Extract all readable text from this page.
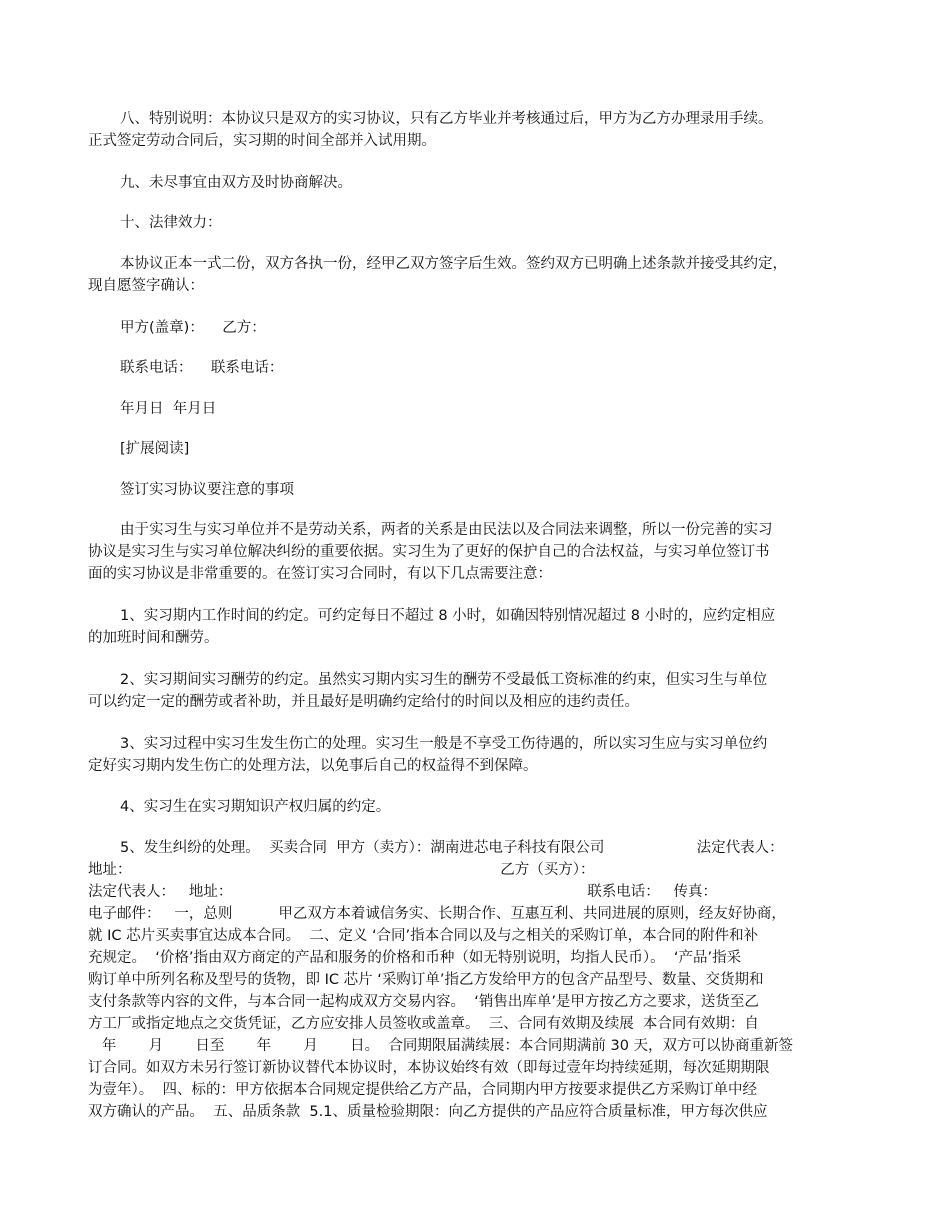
八、特别说明：本协议只是双方的实习协议，只有乙方毕业并考核通过后，甲方为乙方办理录用手续。
正式签定劳动合同后，实习期的时间全部并入试用期。
九、未尽事宜由双方及时协商解决。
十、法律效力：
本协议正本一式二份，双方各执一份，经甲乙双方签字后生效。签约双方已明确上述条款并接受其约定，
现自愿签字确认：
甲方(盖章)：    乙方：
联系电话：    联系电话：
年月日  年月日
[扩展阅读]
签订实习协议要注意的事项
由于实习生与实习单位并不是劳动关系，两者的关系是由民法以及合同法来调整，所以一份完善的实习
协议是实习生与实习单位解决纠纷的重要依据。实习生为了更好的保护自己的合法权益，与实习单位签订书
面的实习协议是非常重要的。在签订实习合同时，有以下几点需要注意：
1、实习期内工作时间的约定。可约定每日不超过 8 小时，如确因特别情况超过 8 小时的，应约定相应
的加班时间和酬劳。
2、实习期间实习酬劳的约定。虽然实习期内实习生的酬劳不受最低工资标准的约束，但实习生与单位
可以约定一定的酬劳或者补助，并且最好是明确约定给付的时间以及相应的违约责任。
3、实习过程中实习生发生伤亡的处理。实习生一般是不享受工伤待遇的，所以实习生应与实习单位约
定好实习期内发生伤亡的处理方法，以免事后自己的权益得不到保障。
4、实习生在实习期知识产权归属的约定。
5、发生纠纷的处理。  买卖合同  甲方（卖方）：湖南进芯电子科技有限公司                    法定代表人：
地址：                                                                                乙方（买方）：
法定代表人：   地址：                                                                             联系电话：   传真：
电子邮件：   一，总则          甲乙双方本着诚信务实、长期合作、互惠互利、共同进展的原则，经友好协商，
就 IC 芯片买卖事宜达成本合同。  二、定义 ‘合同’指本合同以及与之相关的采购订单，本合同的附件和补
充规定。  ‘价格’指由双方商定的产品和服务的价格和币种（如无特别说明，均指人民币）。  ‘产品’指采
购订单中所列名称及型号的货物，即 IC 芯片 ‘采购订单’指乙方发给甲方的包含产品型号、数量、交货期和
支付条款等内容的文件，与本合同一起构成双方交易内容。  ‘销售出库单’是甲方按乙方之要求，送货至乙
方工厂或指定地点之交货凭证，乙方应安排人员签收或盖章。  三、合同有效期及续展  本合同有效期：自
年       月       日至       年       月       日。  合同期限届满续展：本合同期满前 30 天，双方可以协商重新签
订合同。如双方未另行签订新协议替代本协议时，本协议始终有效（即每过壹年均持续延期，每次延期期限
为壹年）。  四、标的：甲方依据本合同规定提供给乙方产品，合同期内甲方按要求提供乙方采购订单中经
双方确认的产品。  五、品质条款  5.1、质量检验期限：向乙方提供的产品应符合质量标准，甲方每次供应
